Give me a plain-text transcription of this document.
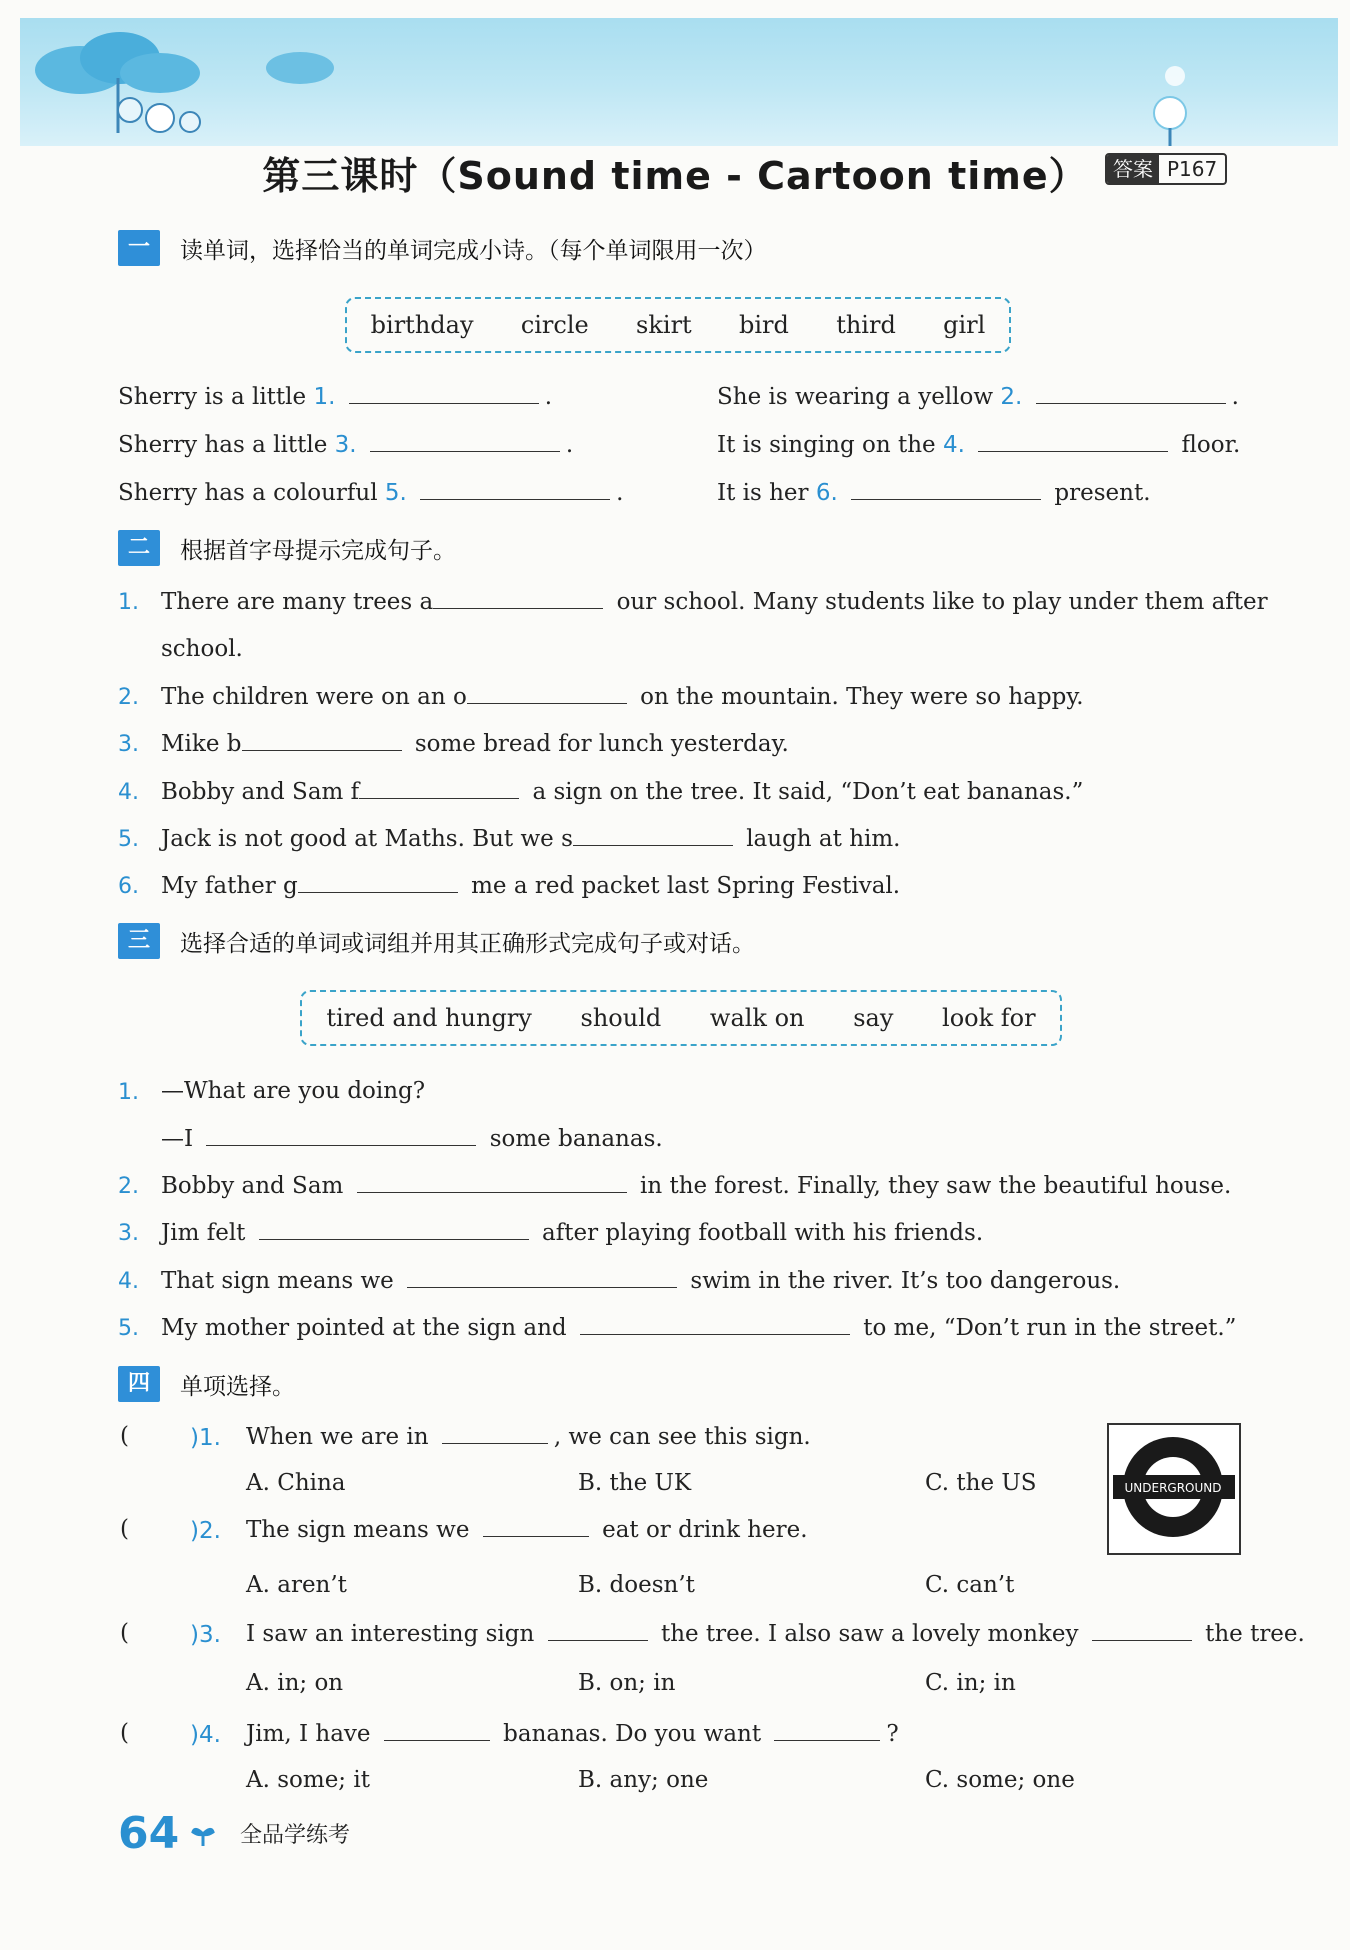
第三课时（Sound time - Cartoon time）	答案 P167
一	读单词，选择恰当的单词完成小诗。（每个单词限用一次）
birthday circle skirt bird third girl
Sherry is a little 1.	.	She is wearing a yellow 2.	.
Sherry has a little 3.	.	It is singing on the 4.	floor.
Sherry has a colourful 5.	.	It is her 6.	present.
二	根据首字母提示完成句子。
1. There are many trees a	our school. Many students like to play under them after
school.
2. The children were on an o	on the mountain. They were so happy.
3. Mike b	some bread for lunch yesterday.
4. Bobby and Sam f	a sign on the tree. It said, “Don’t eat bananas.”
5. Jack is not good at Maths. But we s	laugh at him.
6. My father g	me a red packet last Spring Festival.
三	选择合适的单词或词组并用其正确形式完成句子或对话。
tired and hungry should walk on say look for
1. —What are you doing?
—I	some bananas.
2. Bobby and Sam	in the forest. Finally, they saw the beautiful house.
3. Jim felt	after playing football with his friends.
4. That sign means we	swim in the river. It’s too dangerous.
5. My mother pointed at the sign and	to me, “Don’t run in the street.”
四	单项选择。
UNDERGROUND
(	)1. When we are in	, we can see this sign.
A. China	B. the UK	C. the US
(	)2. The sign means we	eat or drink here.
A. aren’t	B. doesn’t	C. can’t
(	)3. I saw an interesting sign	the tree. I also saw a lovely monkey	the tree.
A. in; on	B. on; in	C. in; in
(	)4. Jim, I have	bananas. Do you want	?
A. some; it	B. any; one	C. some; one
64	全品学练考
